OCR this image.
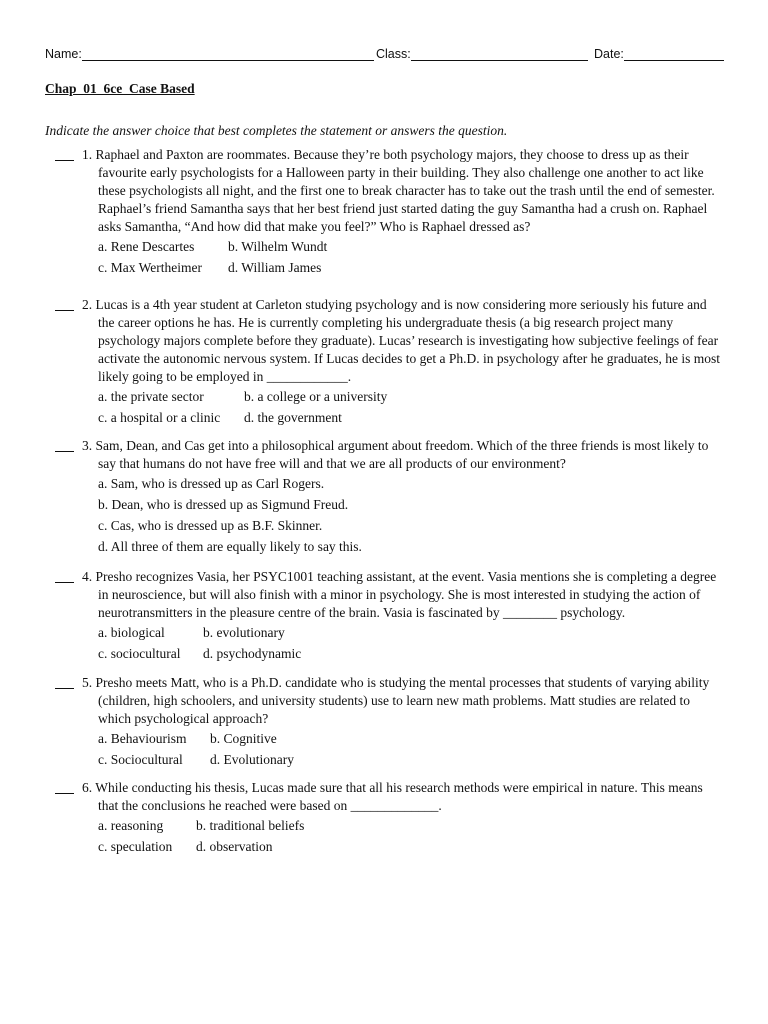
Name:	Class:	Date:
Chap  01  6ce  Case Based
Indicate the answer choice that best completes the statement or answers the question.

1. Raphael and Paxton are roommates. Because they’re both psychology majors, they choose to dress up as their favourite early psychologists for a Halloween party in their building. They also challenge one another to act like these psychologists all night, and the first one to break character has to take out the trash until the end of semester. Raphael’s friend Samantha says that her best friend just started dating the guy Samantha had a crush on. Raphael asks Samantha, “And how did that make you feel?” Who is Raphael dressed as?

a. Rene Descartes b. Wilhelm Wundt
c. Max Wertheimer d. William James

2. Lucas is a 4th year student at Carleton studying psychology and is now considering more seriously his future and the career options he has. He is currently completing his undergraduate thesis (a big research project many psychology majors complete before they graduate). Lucas’ research is investigating how subjective feelings of fear activate the autonomic nervous system. If Lucas decides to get a Ph.D. in psychology after he graduates, he is most likely going to be employed in ____________.

a. the private sector	b. a college or a university
c. a hospital or a clinic d. the government

3. Sam, Dean, and Cas get into a philosophical argument about freedom. Which of the three friends is most likely to say that humans do not have free will and that we are all products of our environment?

a. Sam, who is dressed up as Carl Rogers.
b. Dean, who is dressed up as Sigmund Freud.
c. Cas, who is dressed up as B.F. Skinner.
d. All three of them are equally likely to say this.

4. Presho recognizes Vasia, her PSYC1001 teaching assistant, at the event. Vasia mentions she is completing a degree in neuroscience, but will also finish with a minor in psychology. She is most interested in studying the action of neurotransmitters in the pleasure centre of the brain. Vasia is fascinated by ________ psychology.

a. biological	b. evolutionary
c. sociocultural d. psychodynamic

5. Presho meets Matt, who is a Ph.D. candidate who is studying the mental processes that students of varying ability (children, high schoolers, and university students) use to learn new math problems. Matt studies are related to which psychological approach?

a. Behaviourism b. Cognitive
c. Sociocultural d. Evolutionary

6. While conducting his thesis, Lucas made sure that all his research methods were empirical in nature. This means that the conclusions he reached were based on _____________.

a. reasoning b. traditional beliefs
c. speculation d. observation
